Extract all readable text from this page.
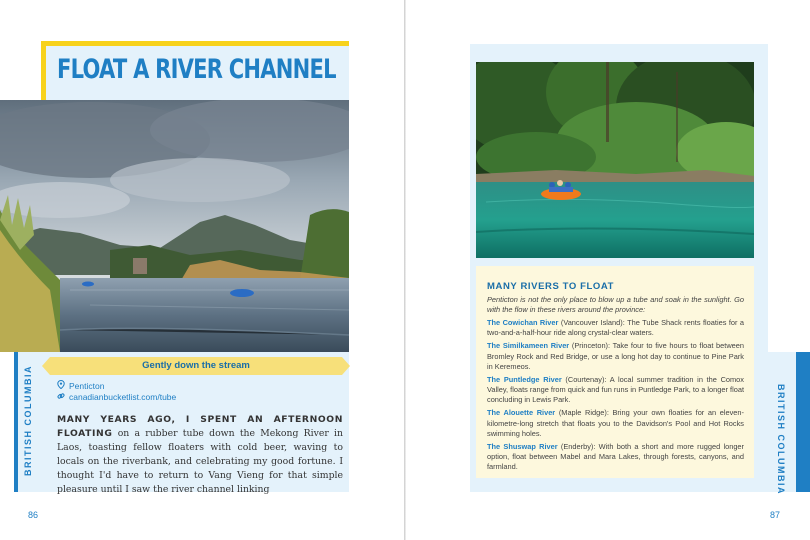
FLOAT A RIVER CHANNEL
BRITISH COLUMBIA	Gently down the stream
Penticton
canadianbucketlist.com/tube
MANY YEARS AGO, I SPENT AN AFTERNOON FLOATING on a rubber tube down the Mekong River in Laos, toasting fellow floaters with cold beer, waving to locals on the riverbank, and celebrating my good fortune. I thought I'd have to return to Vang Vieng for that simple pleasure until I saw the river channel linking
86
MANY RIVERS TO FLOAT

Penticton is not the only place to blow up a tube and soak in the sunlight. Go with the flow in these rivers around the province:

The Cowichan River (Vancouver Island): The Tube Shack rents floaties for a two-and-a-half-hour ride along crystal-clear waters.

The Similkameen River (Princeton): Take four to five hours to float between Bromley Rock and Red Bridge, or use a long hot day to continue to Pine Park in Keremeos.

The Puntledge River (Courtenay): A local summer tradition in the Comox Valley, floats range from quick and fun runs in Puntledge Park, to a longer float concluding in Lewis Park.

The Alouette River (Maple Ridge): Bring your own floaties for an eleven-kilometre-long stretch that floats you to the Davidson's Pool and Hot Rocks swimming holes.

The Shuswap River (Enderby): With both a short and more rugged longer option, float between Mabel and Mara Lakes, through forests, canyons, and farmland.	BRITISH COLUMBIA
87
